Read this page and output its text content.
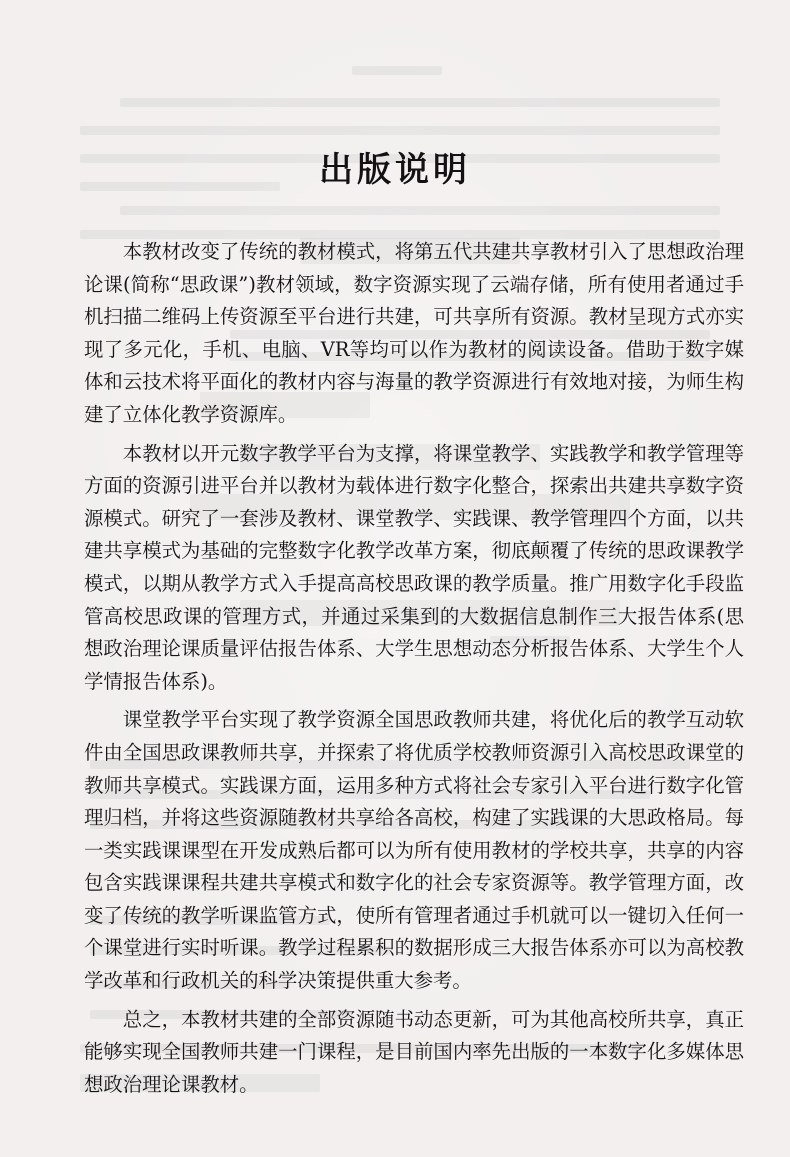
出版说明

本教材改变了传统的教材模式，将第五代共建共享教材引入了思想政治理论课(简称“思政课”)教材领域，数字资源实现了云端存储，所有使用者通过手机扫描二维码上传资源至平台进行共建，可共享所有资源。教材呈现方式亦实现了多元化，手机、电脑、VR等均可以作为教材的阅读设备。借助于数字媒体和云技术将平面化的教材内容与海量的教学资源进行有效地对接，为师生构建了立体化教学资源库。

本教材以开元数字教学平台为支撑，将课堂教学、实践教学和教学管理等方面的资源引进平台并以教材为载体进行数字化整合，探索出共建共享数字资源模式。研究了一套涉及教材、课堂教学、实践课、教学管理四个方面，以共建共享模式为基础的完整数字化教学改革方案，彻底颠覆了传统的思政课教学模式，以期从教学方式入手提高高校思政课的教学质量。推广用数字化手段监管高校思政课的管理方式，并通过采集到的大数据信息制作三大报告体系(思想政治理论课质量评估报告体系、大学生思想动态分析报告体系、大学生个人学情报告体系)。

课堂教学平台实现了教学资源全国思政教师共建，将优化后的教学互动软件由全国思政课教师共享，并探索了将优质学校教师资源引入高校思政课堂的教师共享模式。实践课方面，运用多种方式将社会专家引入平台进行数字化管理归档，并将这些资源随教材共享给各高校，构建了实践课的大思政格局。每一类实践课课型在开发成熟后都可以为所有使用教材的学校共享，共享的内容包含实践课课程共建共享模式和数字化的社会专家资源等。教学管理方面，改变了传统的教学听课监管方式，使所有管理者通过手机就可以一键切入任何一个课堂进行实时听课。教学过程累积的数据形成三大报告体系亦可以为高校教学改革和行政机关的科学决策提供重大参考。

总之，本教材共建的全部资源随书动态更新，可为其他高校所共享，真正能够实现全国教师共建一门课程，是目前国内率先出版的一本数字化多媒体思想政治理论课教材。
